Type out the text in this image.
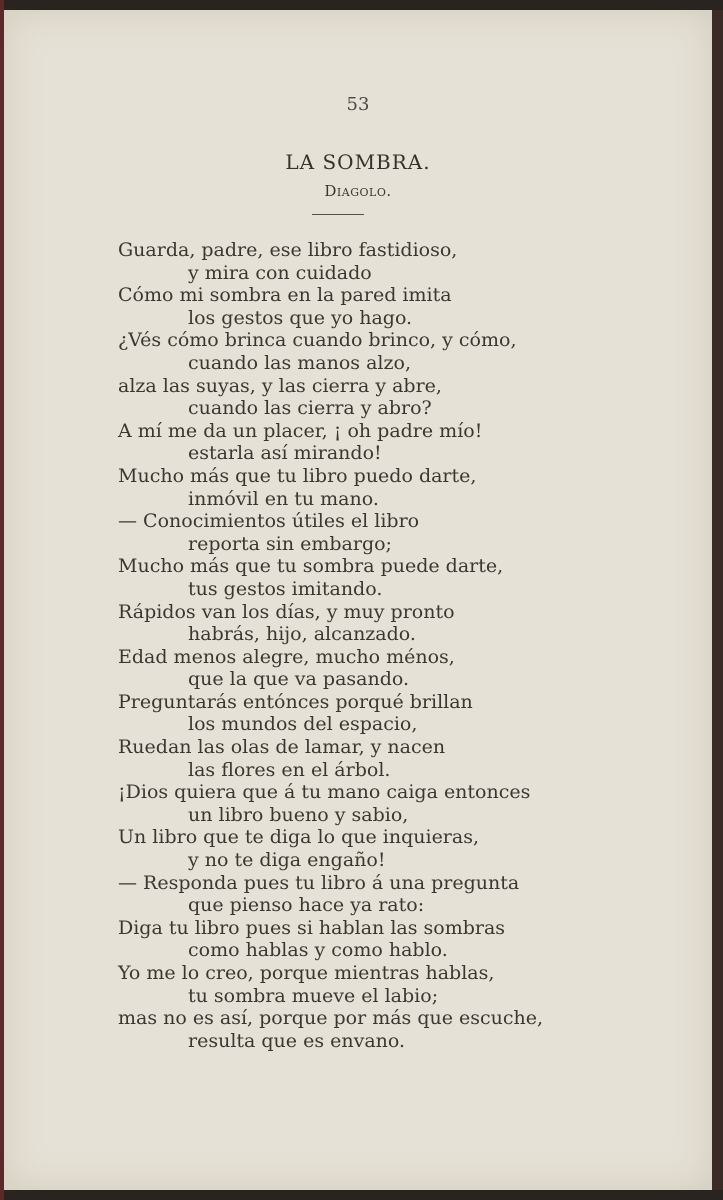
53
LA SOMBRA.
Diagolo.
Guarda, padre, ese libro fastidioso,
y mira con cuidado
Cómo mi sombra en la pared imita
los gestos que yo hago.
¿Vés cómo brinca cuando brinco, y cómo,
cuando las manos alzo,
alza las suyas, y las cierra y abre,
cuando las cierra y abro?
A mí me da un placer, ¡ oh padre mío!
estarla así mirando!
Mucho más que tu libro puedo darte,
inmóvil en tu mano.
— Conocimientos útiles el libro
reporta sin embargo;
Mucho más que tu sombra puede darte,
tus gestos imitando.
Rápidos van los días, y muy pronto
habrás, hijo, alcanzado.
Edad menos alegre, mucho ménos,
que la que va pasando.
Preguntarás entónces porqué brillan
los mundos del espacio,
Ruedan las olas de lamar, y nacen
las flores en el árbol.
¡Dios quiera que á tu mano caiga entonces
un libro bueno y sabio,
Un libro que te diga lo que inquieras,
y no te diga engaño!
— Responda pues tu libro á una pregunta
que pienso hace ya rato:
Diga tu libro pues si hablan las sombras
como hablas y como hablo.
Yo me lo creo, porque mientras hablas,
tu sombra mueve el labio;
mas no es así, porque por más que escuche,
resulta que es envano.
